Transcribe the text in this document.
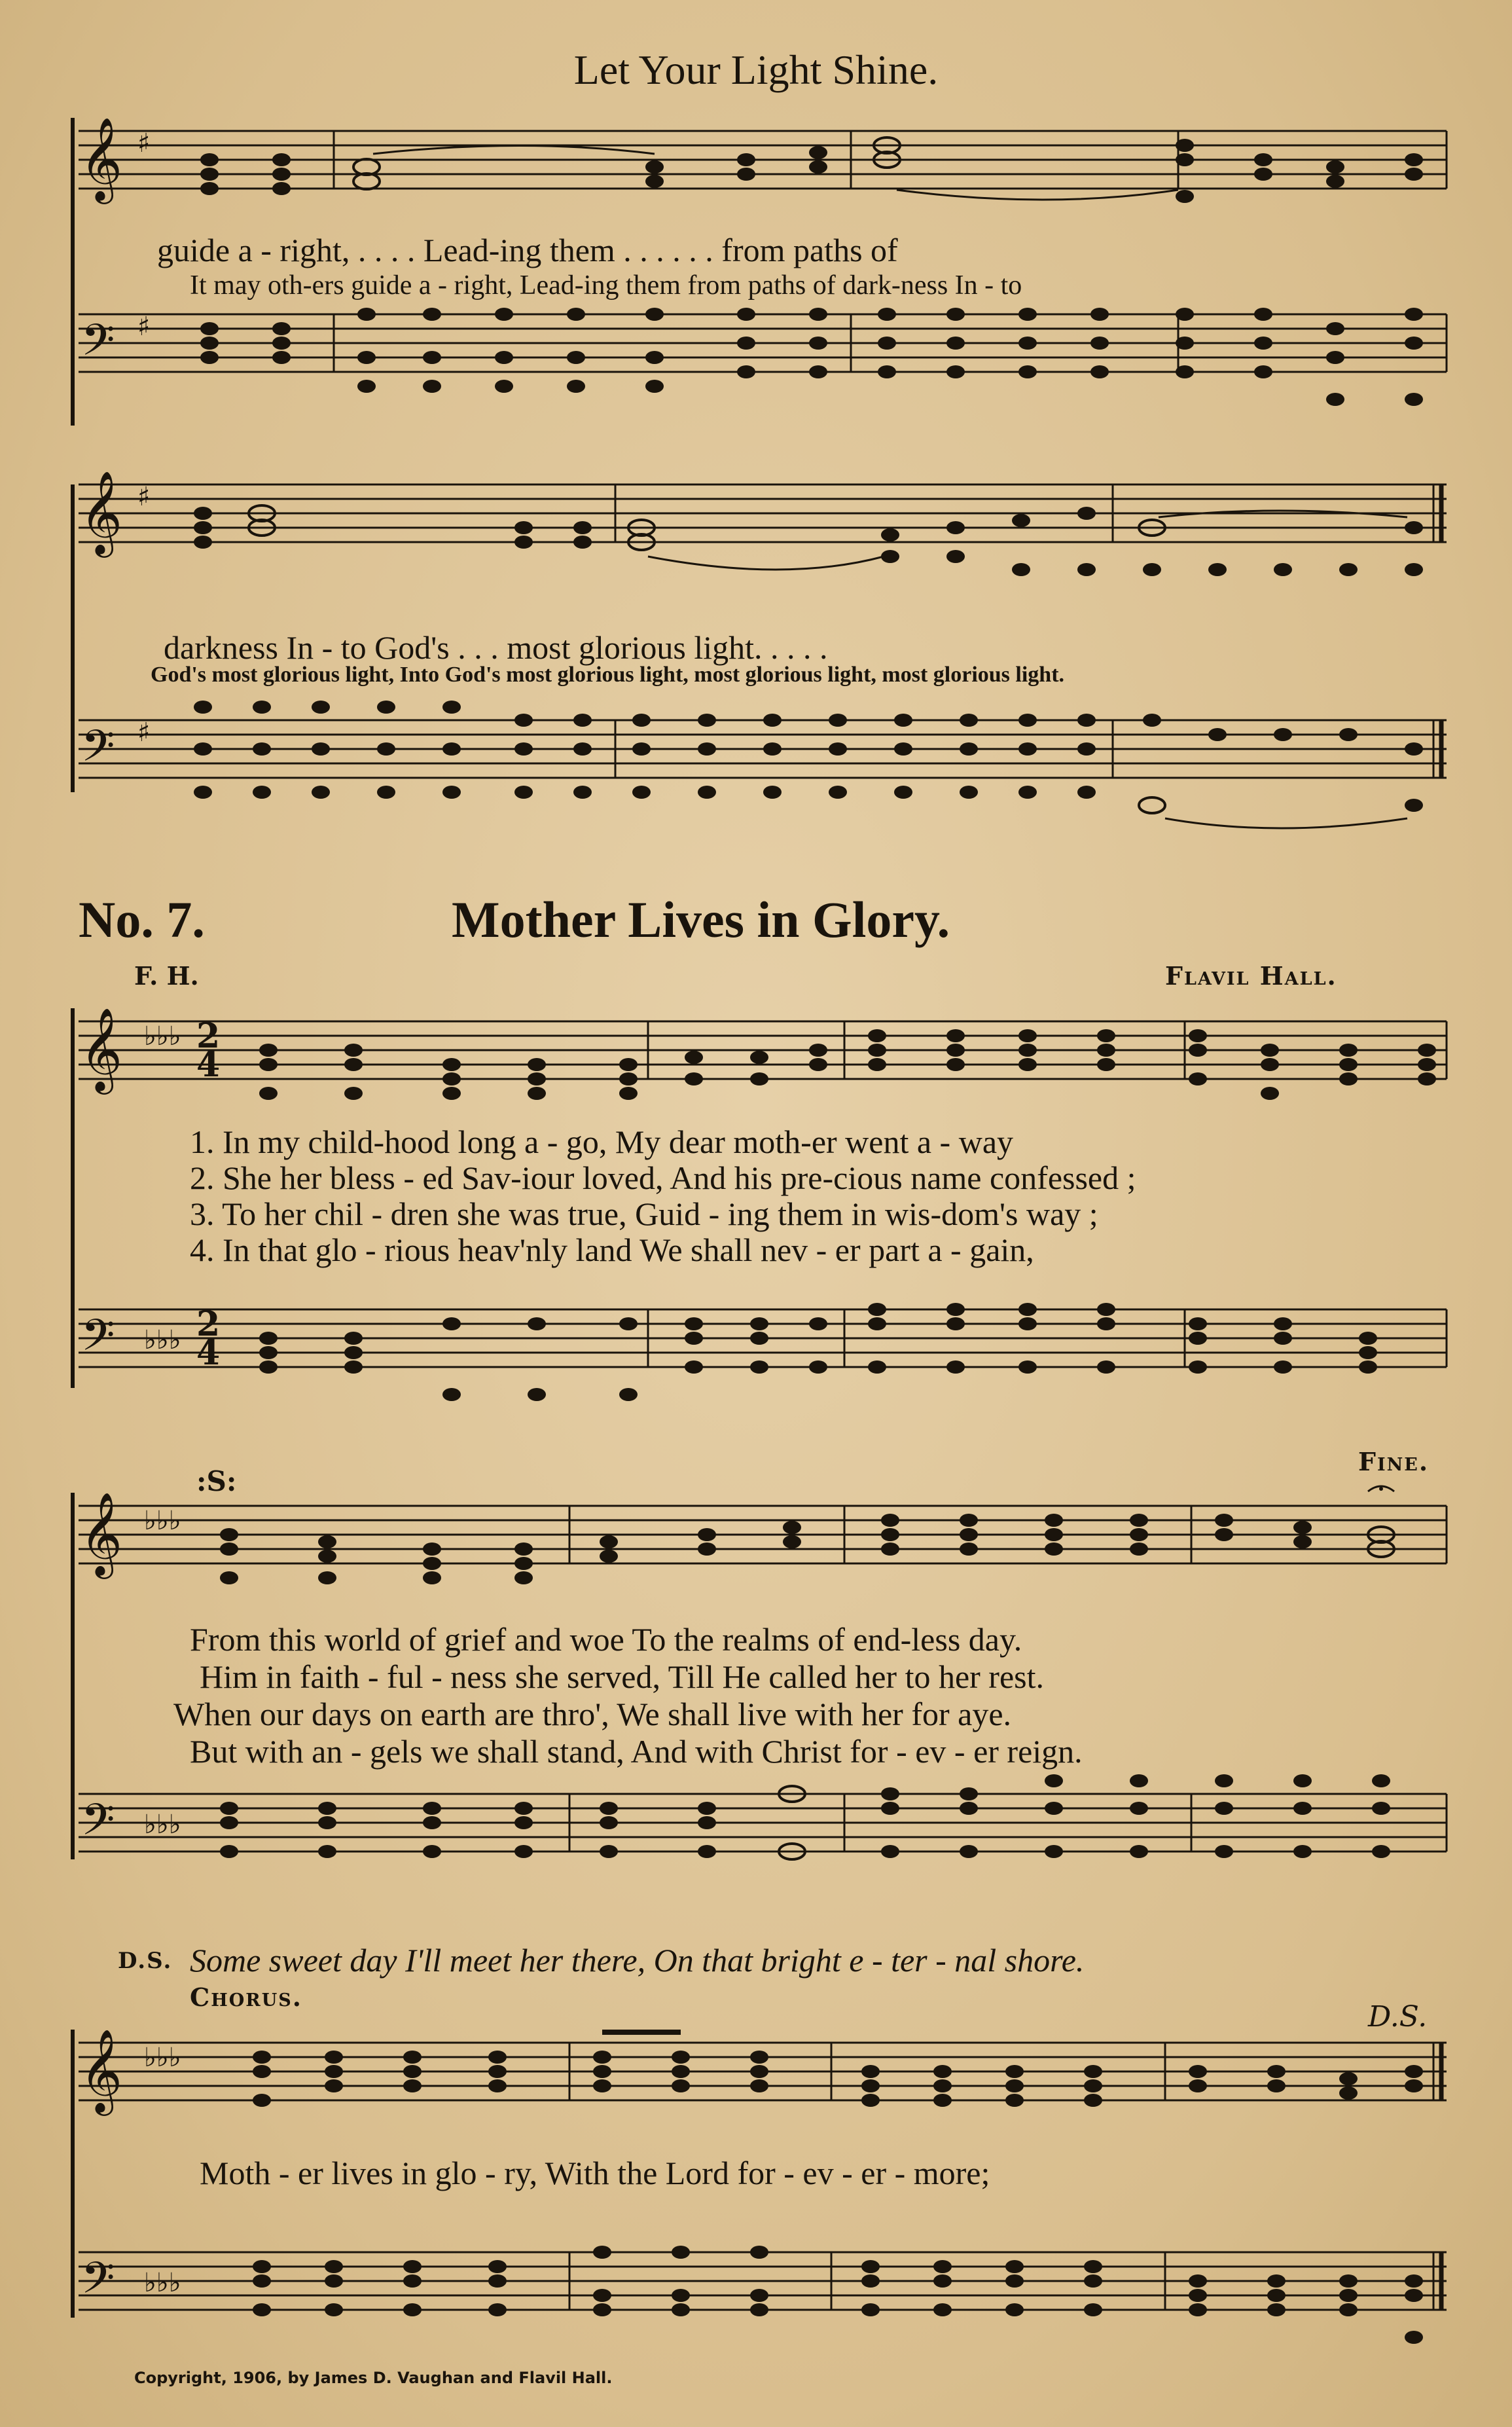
Let Your Light Shine.
𝄞 ♯
guide a - right, . . . . Lead-ing them . . . . . . from paths of
It may oth-ers guide a - right, Lead-ing them from paths of dark-ness In - to
𝄢 ♯
𝄞 ♯
darkness In - to God's . . . most glorious light. . . . .
God's most glorious light, Into God's most glorious light, most glorious light, most glorious light.
𝄢 ♯
No. 7.	Mother Lives in Glory.
F. H.	Flavil Hall.
𝄞 ♭♭♭ 2
4
1. In my child-hood long a - go, My dear moth-er went a - way
2. She her bless - ed Sav-iour loved, And his pre-cious name confessed ;
3. To her chil - dren she was true, Guid - ing them in wis-dom's way ;
4. In that glo - rious heav'nly land We shall nev - er part a - gain,
𝄢 ♭♭♭ 2
4
:S:
Fine.
𝄞 ♭♭♭
From this world of grief and woe To the realms of end-less day.
Him in faith - ful - ness she served, Till He called her to her rest.
When our days on earth are thro', We shall live with her for aye.
But with an - gels we shall stand, And with Christ for - ev - er reign.
𝄢 ♭♭♭
D.S. Some sweet day I'll meet her there, On that bright e - ter - nal shore.
Chorus.
D.S.
𝄞 ♭♭♭
Moth - er lives in glo - ry, With the Lord for - ev - er - more;
𝄢 ♭♭♭
Copyright, 1906, by James D. Vaughan and Flavil Hall.
